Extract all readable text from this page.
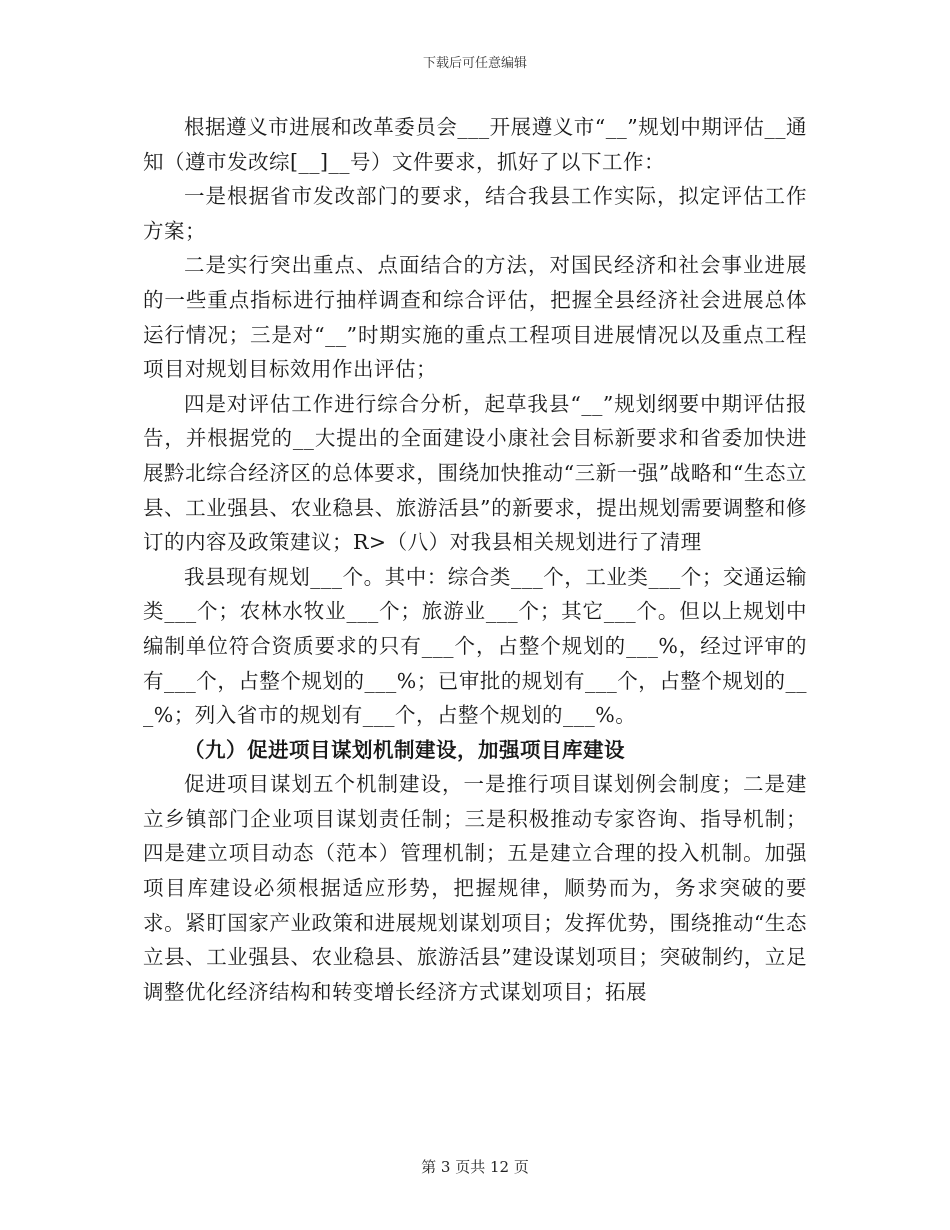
下载后可任意编辑

根据遵义市进展和改革委员会___开展遵义市“__”规划中期评估__通知（遵市发改综[__]__号）文件要求，抓好了以下工作：

一是根据省市发改部门的要求，结合我县工作实际，拟定评估工作方案；

二是实行突出重点、点面结合的方法，对国民经济和社会事业进展的一些重点指标进行抽样调查和综合评估，把握全县经济社会进展总体运行情况；三是对“__”时期实施的重点工程项目进展情况以及重点工程项目对规划目标效用作出评估；

四是对评估工作进行综合分析，起草我县“__”规划纲要中期评估报告，并根据党的__大提出的全面建设小康社会目标新要求和省委加快进展黔北综合经济区的总体要求，围绕加快推动“三新一强”战略和“生态立县、工业强县、农业稳县、旅游活县”的新要求，提出规划需要调整和修订的内容及政策建议；R>（八）对我县相关规划进行了清理

我县现有规划___个。其中：综合类___个，工业类___个；交通运输类___个；农林水牧业___个；旅游业___个；其它___个。但以上规划中编制单位符合资质要求的只有___个，占整个规划的___%，经过评审的有___个，占整个规划的___%；已审批的规划有___个，占整个规划的___%；列入省市的规划有___个，占整个规划的___%。

（九）促进项目谋划机制建设，加强项目库建设

促进项目谋划五个机制建设，一是推行项目谋划例会制度；二是建立乡镇部门企业项目谋划责任制；三是积极推动专家咨询、指导机制；四是建立项目动态（范本）管理机制；五是建立合理的投入机制。加强项目库建设必须根据适应形势，把握规律，顺势而为，务求突破的要求。紧盯国家产业政策和进展规划谋划项目；发挥优势，围绕推动“生态立县、工业强县、农业稳县、旅游活县”建设谋划项目；突破制约，立足调整优化经济结构和转变增长经济方式谋划项目；拓展

第 3 页共 12 页
